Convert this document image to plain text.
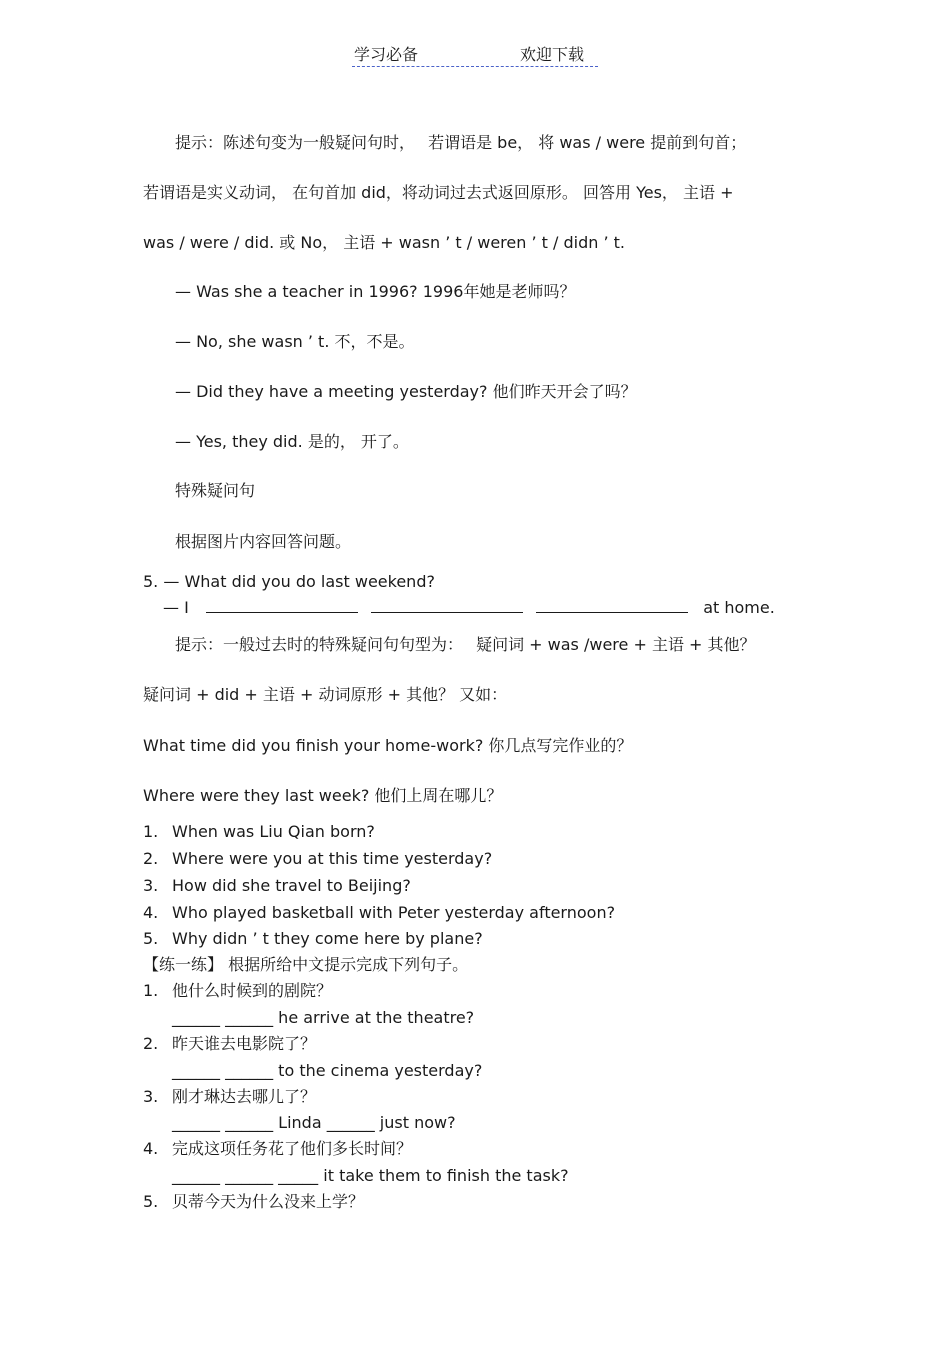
学习必备	欢迎下载
提示：陈述句变为一般疑问句时，　 若谓语是 be， 将 was / were 提前到句首；
若谓语是实义动词， 在句首加 did，将动词过去式返回原形。 回答用 Yes， 主语 +
was / were / did. 或 No， 主语 + wasn ’ t / weren ’ t / didn ’ t.
— Was she a teacher in 1996? 1996年她是老师吗？
— No, she wasn ’ t. 不，不是。
— Did they have a meeting yesterday? 他们昨天开会了吗？
— Yes, they did. 是的， 开了。
特殊疑问句
根据图片内容回答问题。
5. — What did you do last weekend?
— I	at home.
提示：一般过去时的特殊疑问句句型为：　 疑问词 + was /were + 主语 + 其他？
疑问词 + did + 主语 + 动词原形 + 其他？ 又如：
What time did you finish your home-work? 你几点写完作业的？
Where were they last week? 他们上周在哪儿？
1. When was Liu Qian born?
2. Where were you at this time yesterday?
3. How did she travel to Beijing?
4. Who played basketball with Peter yesterday afternoon?
5. Why didn ’ t they come here by plane?
【练一练】 根据所给中文提示完成下列句子。
1. 他什么时候到的剧院？
______ ______ he arrive at the theatre?
2. 昨天谁去电影院了？
______ ______ to the cinema yesterday?
3. 刚才琳达去哪儿了？
______ ______ Linda ______ just now?
4. 完成这项任务花了他们多长时间？
______ ______ _____ it take them to finish the task?
5. 贝蒂今天为什么没来上学？
